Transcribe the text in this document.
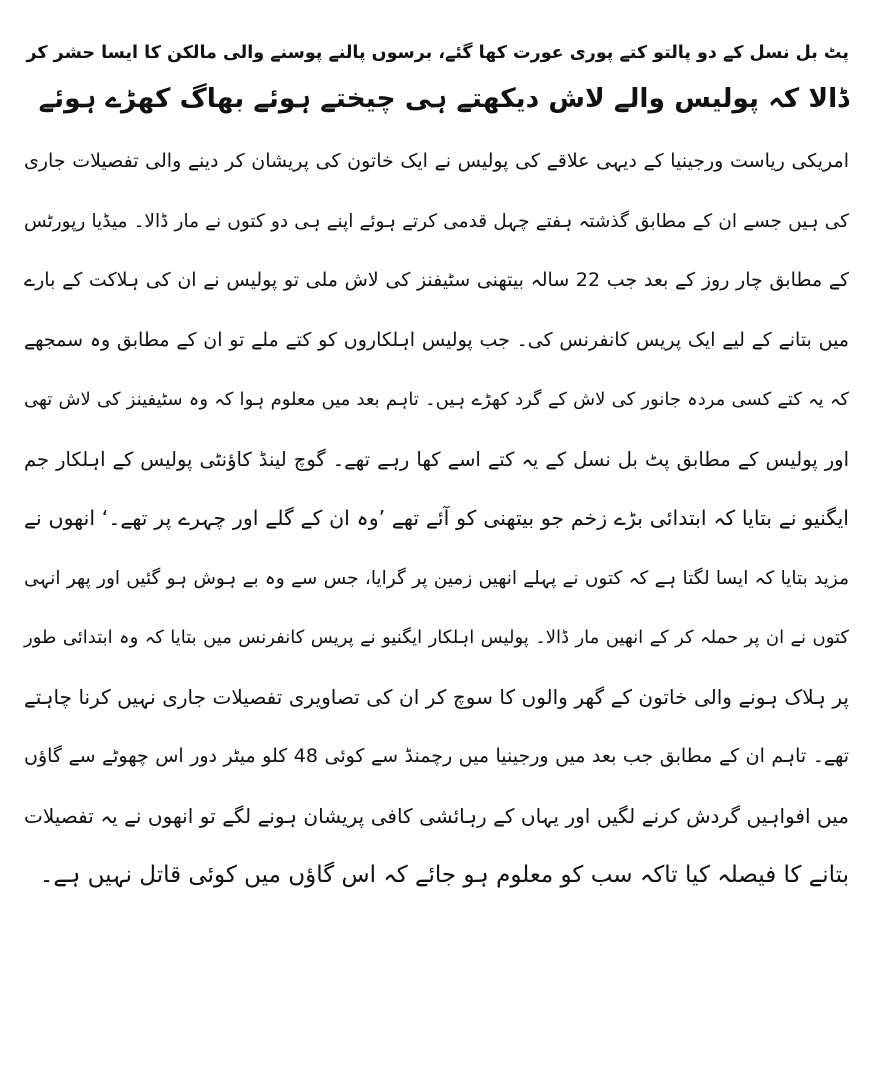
پٹ بل نسل کے دو پالتو کتے پوری عورت کھا گئے، برسوں پالنے پوسنے والی مالکن کا ایسا حشر کر
ڈالا کہ پولیس والے لاش دیکھتے ہی چیختے ہوئے بھاگ کھڑے ہوئے
امریکی ریاست ورجینیا کے دیہی علاقے کی پولیس نے ایک خاتون کی پریشان کر دینے والی تفصیلات جاری
کی ہیں جسے ان کے مطابق گذشتہ ہفتے چہل قدمی کرتے ہوئے اپنے ہی دو کتوں نے مار ڈالا۔ میڈیا رپورٹس
کے مطابق چار روز کے بعد جب 22 سالہ بیتھنی سٹیفنز کی لاش ملی تو پولیس نے ان کی ہلاکت کے بارے
میں بتانے کے لیے ایک پریس کانفرنس کی۔ جب پولیس اہلکاروں کو کتے ملے تو ان کے مطابق وہ سمجھے
کہ یہ کتے کسی مردہ جانور کی لاش کے گرد کھڑے ہیں۔ تاہم بعد میں معلوم ہوا کہ وہ سٹیفینز کی لاش تھی
اور پولیس کے مطابق پٹ بل نسل کے یہ کتے اسے کھا رہے تھے۔ گوچ لینڈ کاؤنٹی پولیس کے اہلکار جم
ایگنیو نے بتایا کہ ابتدائی بڑے زخم جو بیتھنی کو آئے تھے ’وہ ان کے گلے اور چہرے پر تھے۔‘ انھوں نے
مزید بتایا کہ ایسا لگتا ہے کہ کتوں نے پہلے انھیں زمین پر گرایا، جس سے وہ بے ہوش ہو گئیں اور پھر انہی
کتوں نے ان پر حملہ کر کے انھیں مار ڈالا۔ پولیس اہلکار ایگنیو نے پریس کانفرنس میں بتایا کہ وہ ابتدائی طور
پر ہلاک ہونے والی خاتون کے گھر والوں کا سوچ کر ان کی تصاویری تفصیلات جاری نہیں کرنا چاہتے
تھے۔ تاہم ان کے مطابق جب بعد میں ورجینیا میں رچمنڈ سے کوئی 48 کلو میٹر دور اس چھوٹے سے گاؤں
میں افواہیں گردش کرنے لگیں اور یہاں کے رہائشی کافی پریشان ہونے لگے تو انھوں نے یہ تفصیلات
بتانے کا فیصلہ کیا تاکہ سب کو معلوم ہو جائے کہ اس گاؤں میں کوئی قاتل نہیں ہے۔
